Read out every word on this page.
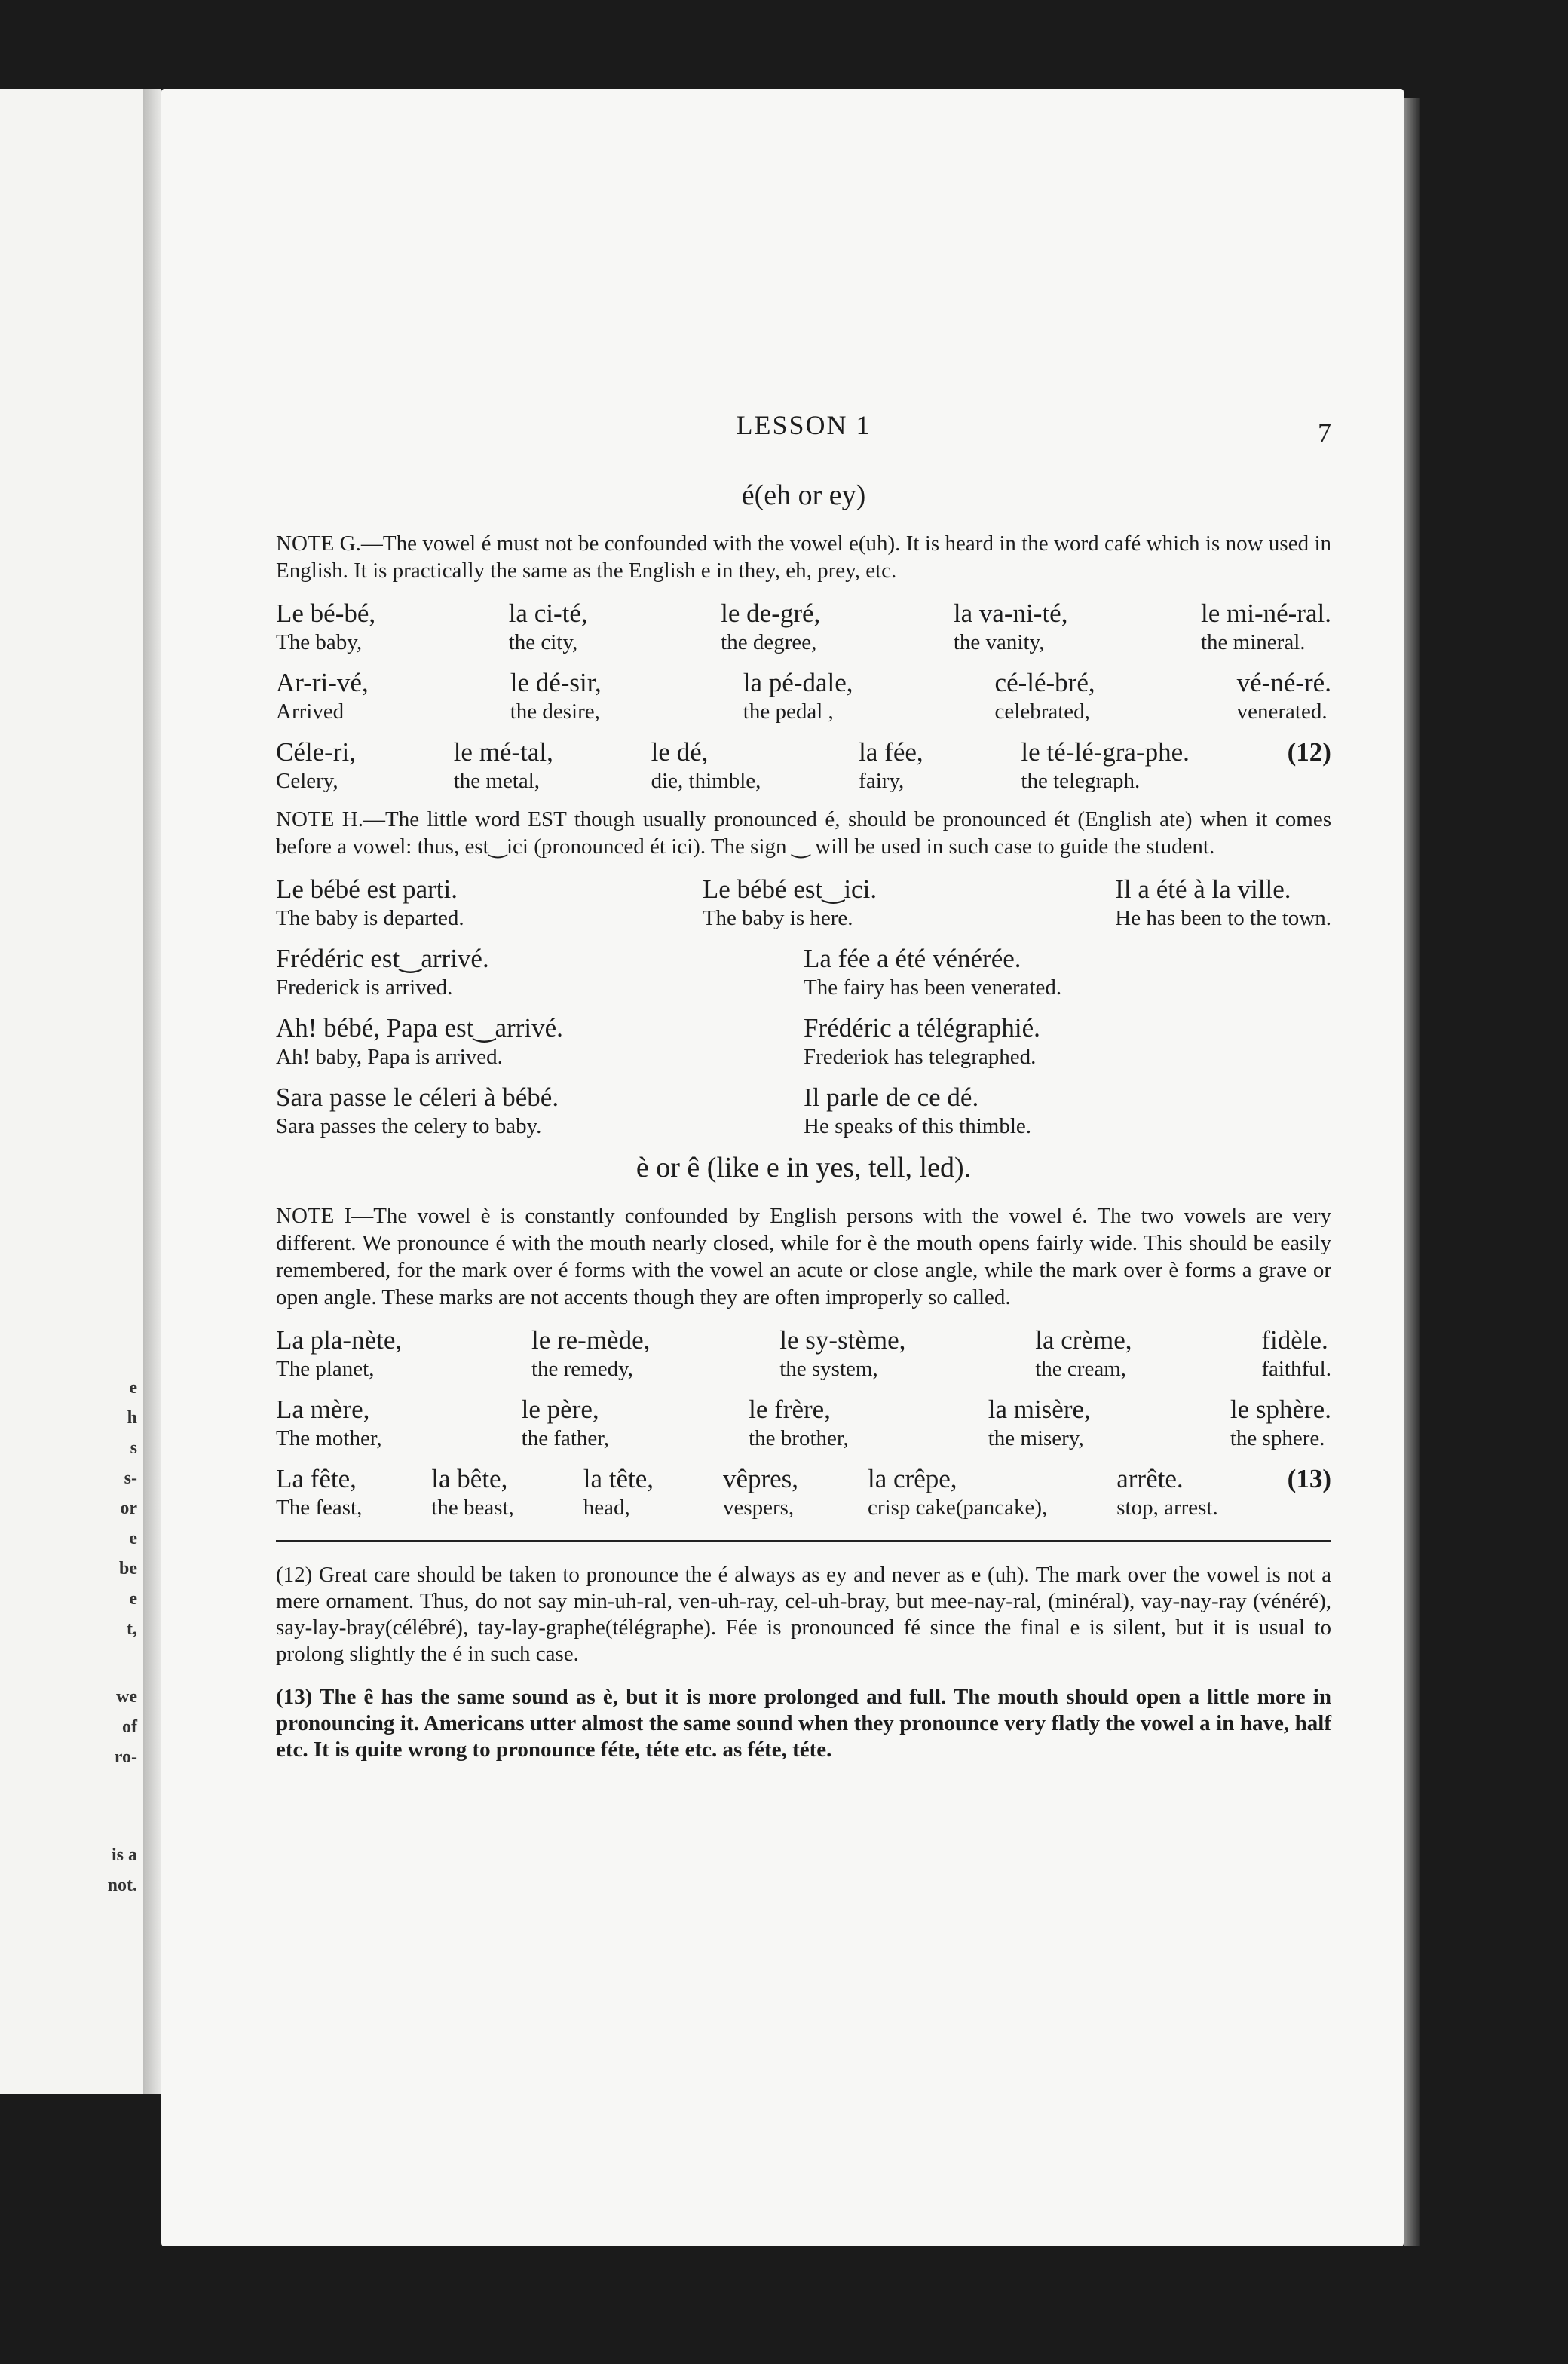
e
h
s
s-
or
e
be
e
t,
we
of
ro-
is a
not.
LESSON 1	7
é(eh or ey)
NOTE G.—The vowel é must not be confounded with the vowel e(uh). It is heard in the word café which is now used in English. It is practically the same as the English e in they, eh, prey, etc.
Le bé-bé,
The baby,
la ci-té,
the city,
le de-gré,
the degree,
la va-ni-té,
the vanity,
le mi-né-ral.
the mineral.
Ar-ri-vé,
Arrived
le dé-sir,
the desire,
la pé-dale,
the pedal ,
cé-lé-bré,
celebrated,
vé-né-ré.
venerated.
Céle-ri,
Celery,
le mé-tal,
the metal,
le dé,
die, thimble,
la fée,
fairy,
le té-lé-gra-phe.
the telegraph.
(12)
NOTE H.—The little word EST though usually pronounced é, should be pronounced ét (English ate) when it comes before a vowel: thus, est‿ici (pronounced ét ici). The sign ‿ will be used in such case to guide the student.
Le bébé est parti.
The baby is departed.
Le bébé est‿ici.
The baby is here.
Il a été à la ville.
He has been to the town.
Frédéric est‿arrivé.
Frederick is arrived.
La fée a été vénérée.
The fairy has been venerated.
Ah! bébé, Papa est‿arrivé.
Ah! baby, Papa is arrived.
Frédéric a télégraphié.
Frederiok has telegraphed.
Sara passe le céleri à bébé.
Sara passes the celery to baby.
Il parle de ce dé.
He speaks of this thimble.
è or ê (like e in yes, tell, led).
NOTE I—The vowel è is constantly confounded by English persons with the vowel é. The two vowels are very different. We pronounce é with the mouth nearly closed, while for è the mouth opens fairly wide. This should be easily remembered, for the mark over é forms with the vowel an acute or close angle, while the mark over è forms a grave or open angle. These marks are not accents though they are often improperly so called.
La pla-nète,
The planet,
le re-mède,
the remedy,
le sy-stème,
the system,
la crème,
the cream,
fidèle.
faithful.
La mère,
The mother,
le père,
the father,
le frère,
the brother,
la misère,
the misery,
le sphère.
the sphere.
La fête,
The feast,
la bête,
the beast,
la tête,
head,
vêpres,
vespers,
la crêpe,
crisp cake(pancake),
arrête.
stop, arrest.
(13)
(12) Great care should be taken to pronounce the é always as ey and never as e (uh). The mark over the vowel is not a mere ornament. Thus, do not say min-uh-ral, ven-uh-ray, cel-uh-bray, but mee-nay-ral, (minéral), vay-nay-ray (vénéré), say-lay-bray(célébré), tay-lay-graphe(télégraphe). Fée is pronounced fé since the final e is silent, but it is usual to prolong slightly the é in such case.
(13) The ê has the same sound as è, but it is more prolonged and full. The mouth should open a little more in pronouncing it. Americans utter almost the same sound when they pronounce very flatly the vowel a in have, half etc. It is quite wrong to pronounce féte, téte etc. as féte, téte.
